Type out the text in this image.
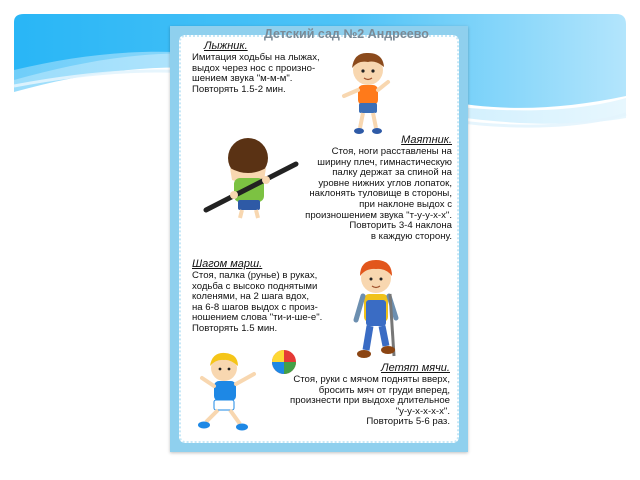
Детский сад №2 Андреево
Лыжник.
Имитация ходьбы на лыжах,
выдох через нос с произно-
шением звука "м-м-м".
Повторять 1.5-2 мин.
Маятник.
Стоя, ноги расставлены на
ширину плеч, гимнастическую
палку держат за спиной на
уровне нижних углов лопаток,
наклонять туловище в стороны,
при наклоне выдох с
произношением звука "т-у-у-х-х".
Повторить 3-4 наклона
в каждую сторону.
Шагом марш.
Стоя, палка (рунье) в руках,
ходьба с высоко поднятыми
коленями, на 2 шага вдох,
на 6-8 шагов выдох с произ-
ношением слова "ти-и-ше-е".
Повторять 1.5 мин.
Летят мячи.
Стоя, руки с мячом подняты вверх,
бросить мяч от груди вперед,
произнести при выдохе длительное
"у-у-х-х-х-х".
Повторить 5-6 раз.
